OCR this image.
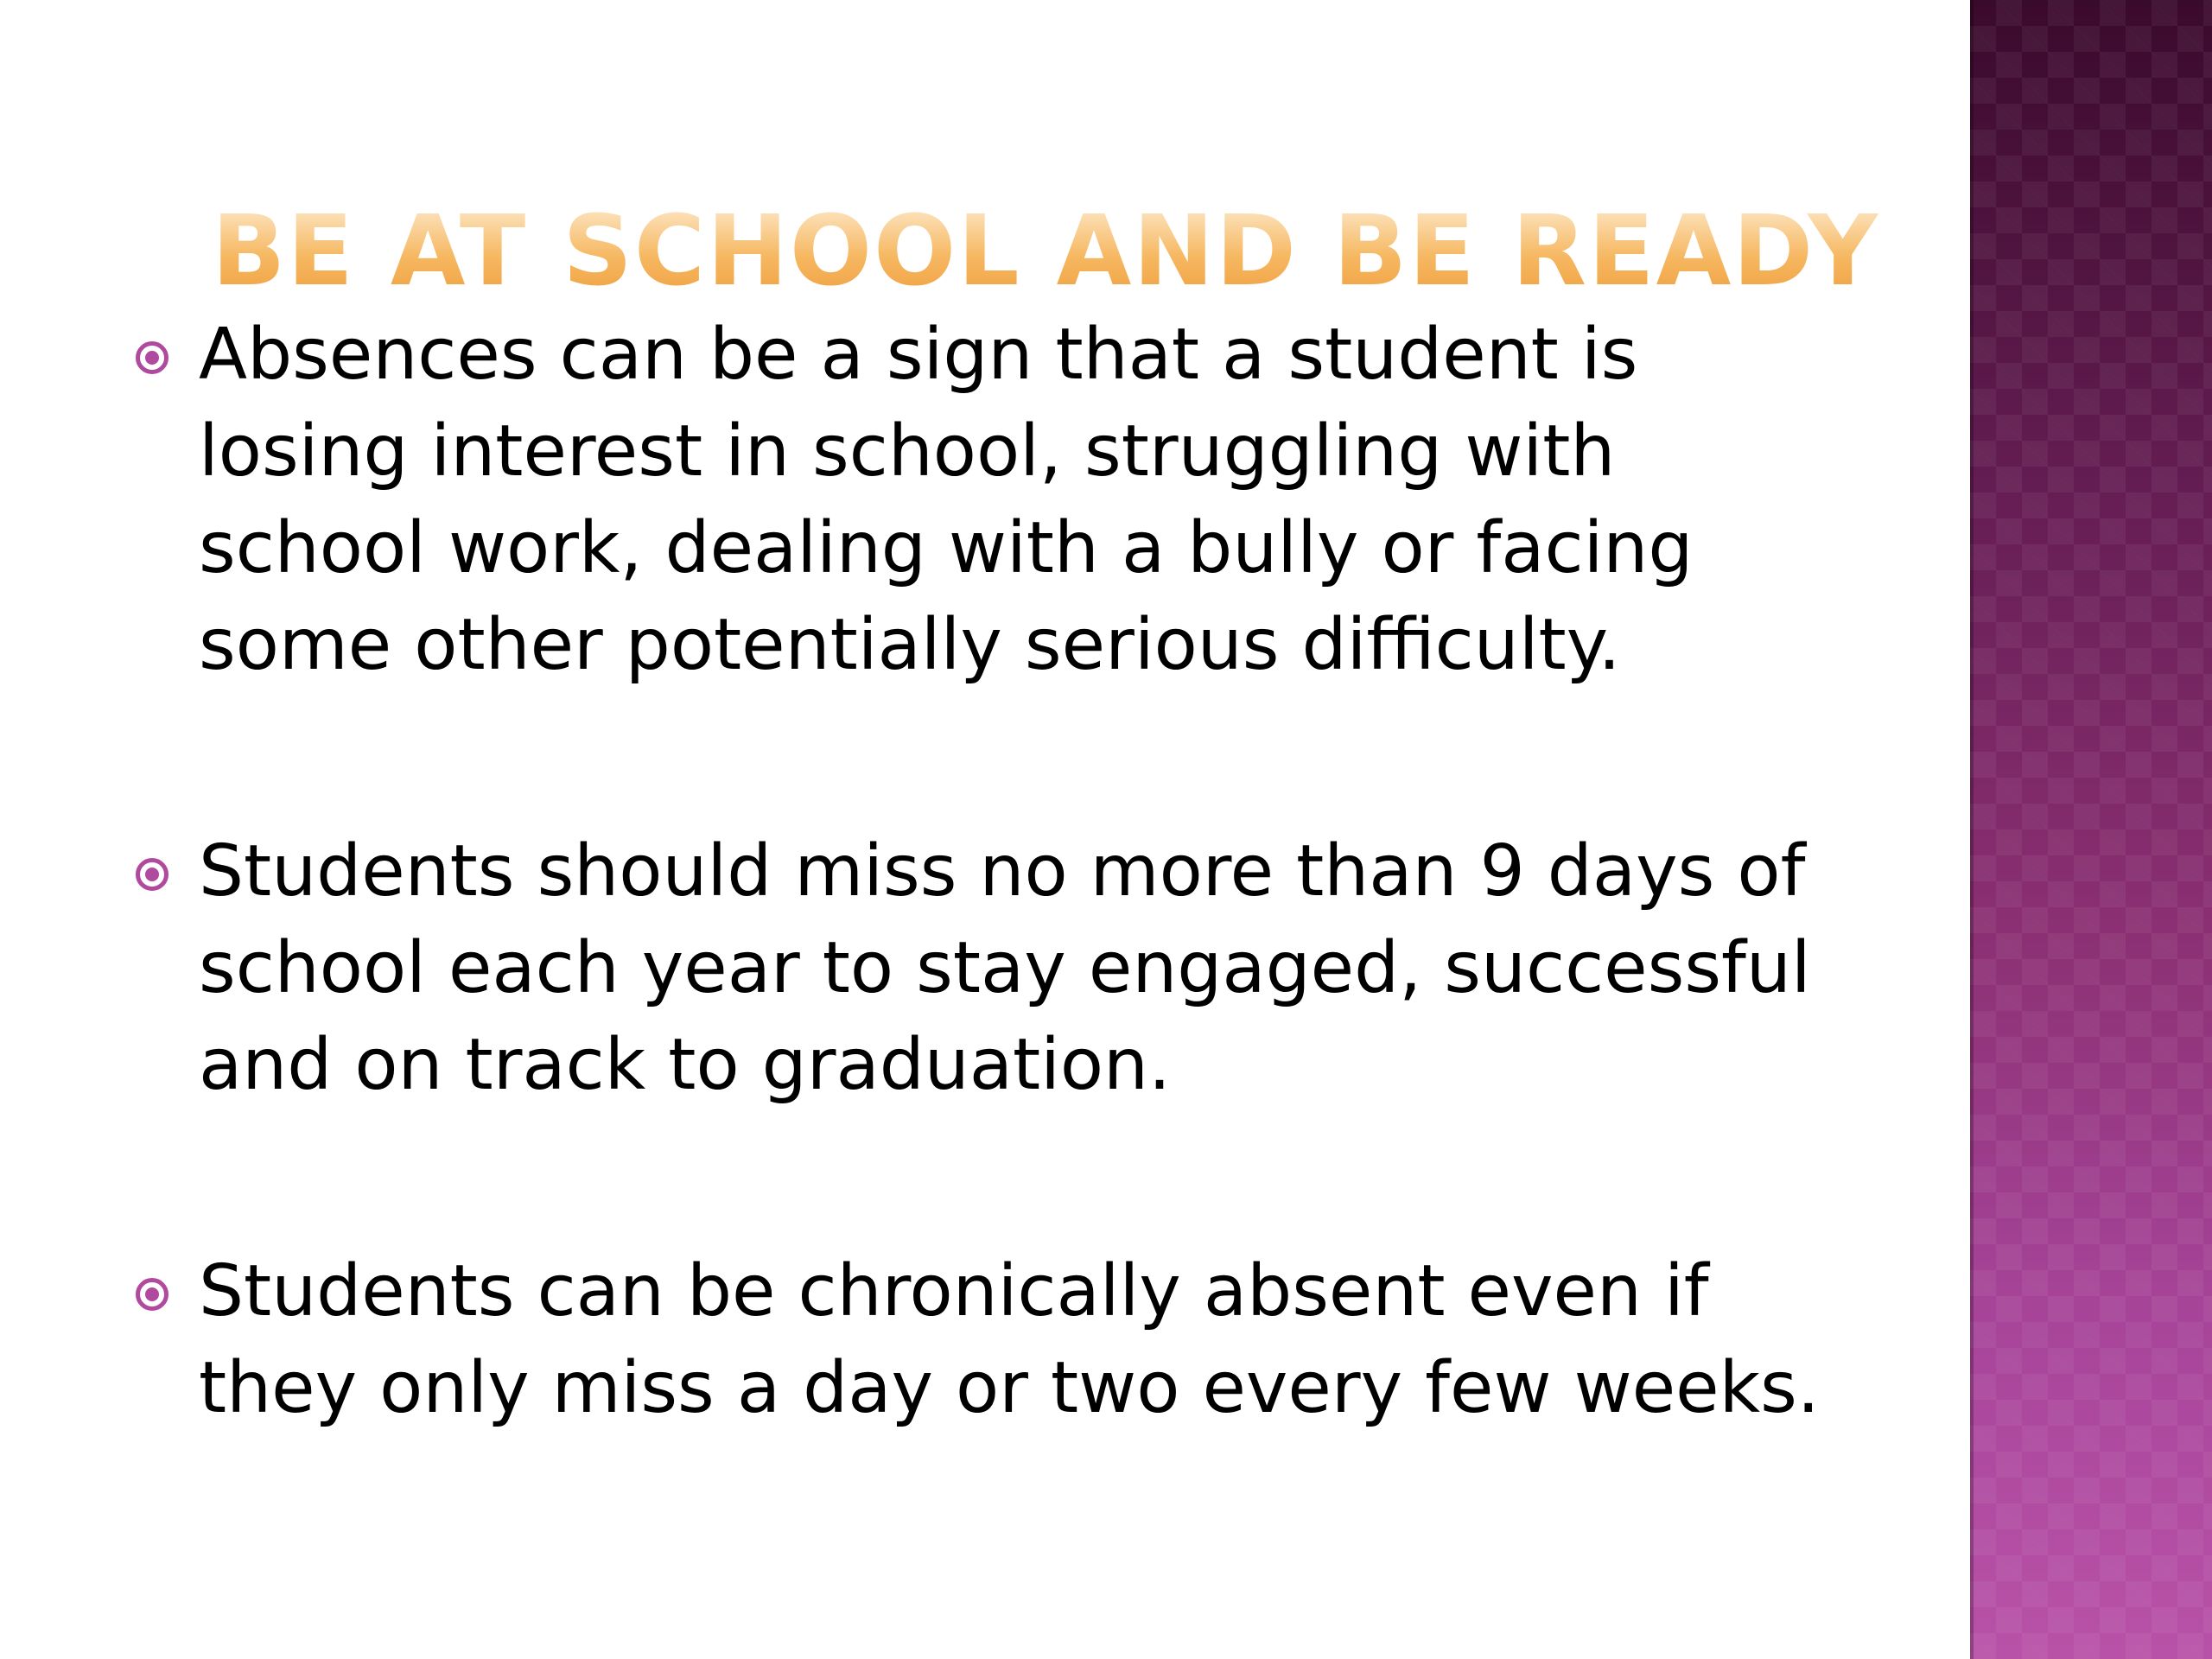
BE AT SCHOOL AND BE READY
Absences can be a sign that a student is
losing interest in school, struggling with
school work, dealing with a bully or facing
some other potentially serious difficulty.
Students should miss no more than 9 days of
school each year to stay engaged, successful
and on track to graduation.
Students can be chronically absent even if
they only miss a day or two every few weeks.
